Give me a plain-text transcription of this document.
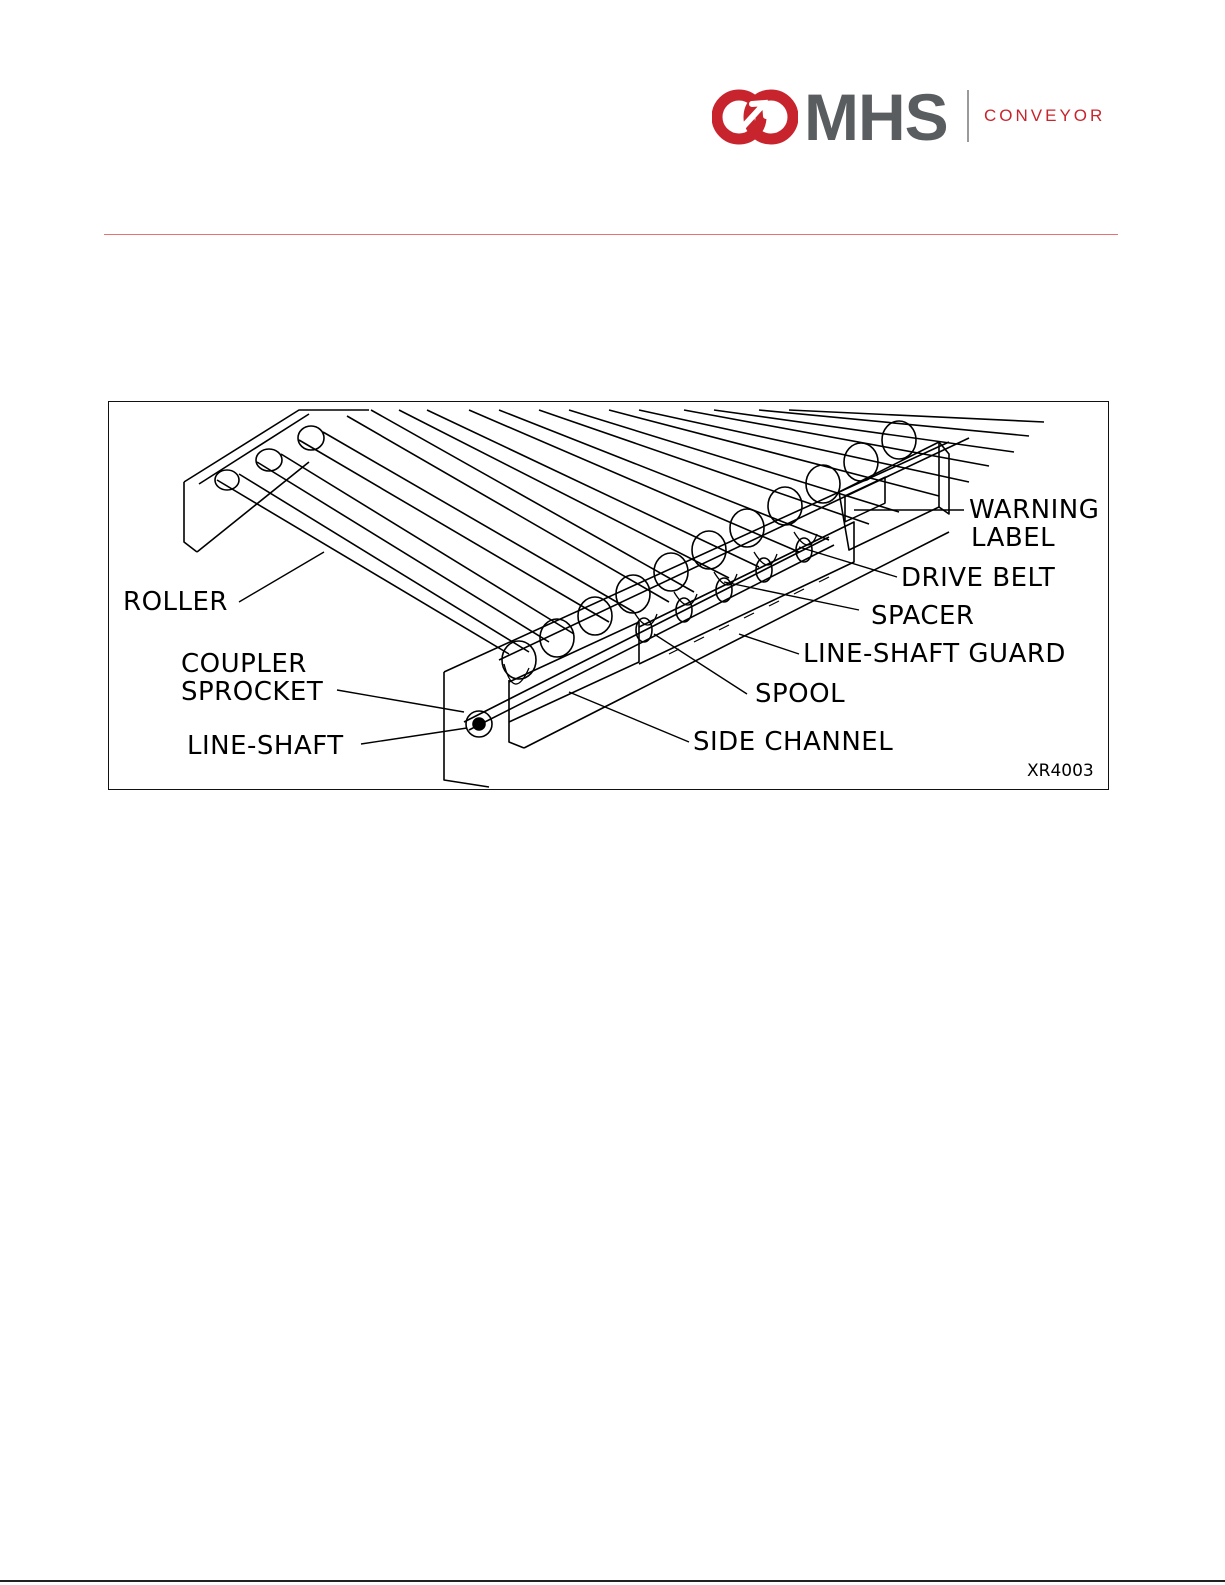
MHS CONVEYOR
ROLLER
COUPLER
SPROCKET
LINE-SHAFT
WARNING
LABEL
DRIVE BELT
SPACER
LINE-SHAFT GUARD
SPOOL
SIDE CHANNEL
XR4003
